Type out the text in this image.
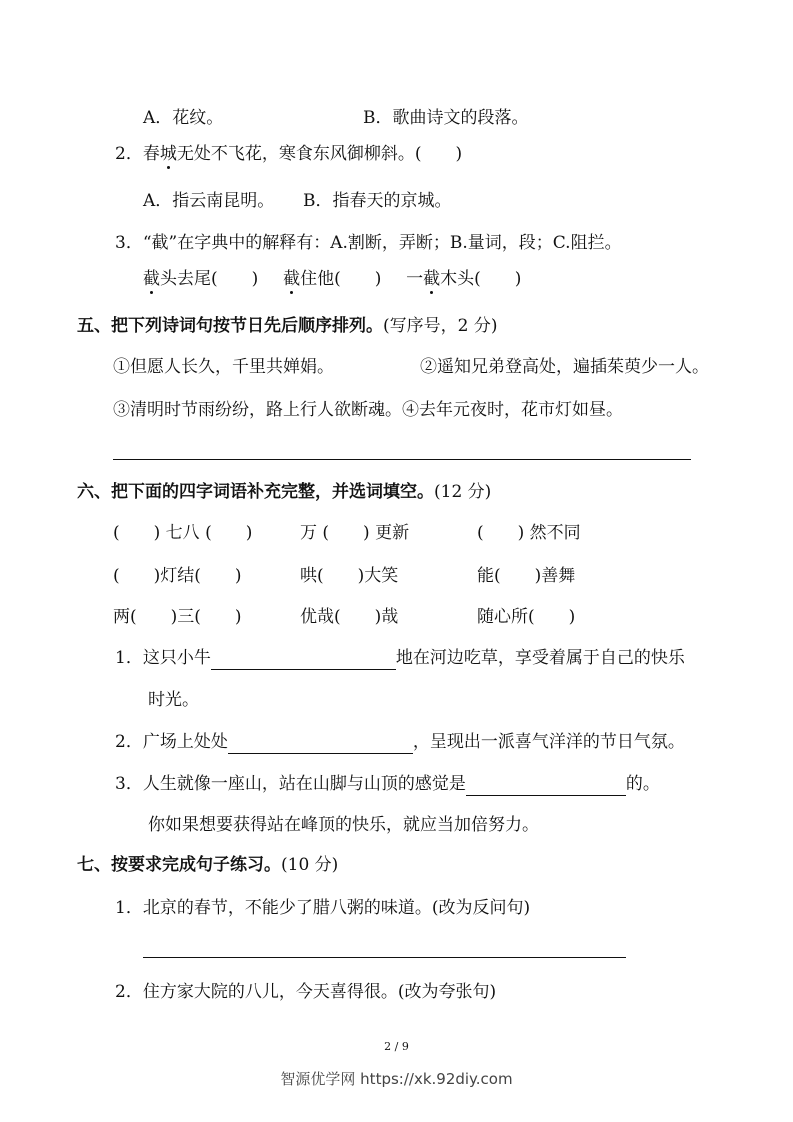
A．花纹。	B．歌曲诗文的段落。
2．春城无处不飞花，寒食东风御柳斜。(　　)
A．指云南昆明。 B．指春天的京城。
3．“截”在字典中的解释有：A.割断，弄断；B.量词，段；C.阻拦。
截头去尾(　　) 截住他(　　) 一截木头(　　)
五、把下列诗词句按节日先后顺序排列。(写序号，2 分)
①但愿人长久，千里共婵娟。	②遥知兄弟登高处，遍插茱萸少一人。
③清明时节雨纷纷，路上行人欲断魂。④去年元夜时，花市灯如昼。
六、把下面的四字词语补充完整，并选词填空。(12 分)
(　　) 七八 (　　)	万 (　　) 更新	(　　) 然不同
(　　)灯结(　　)	哄(　　)大笑	能(　　)善舞
两(　　)三(　　)	优哉(　　)哉	随心所(　　)
1．这只小牛	地在河边吃草，享受着属于自己的快乐
时光。
2．广场上处处	，呈现出一派喜气洋洋的节日气氛。
3．人生就像一座山，站在山脚与山顶的感觉是	的。
你如果想要获得站在峰顶的快乐，就应当加倍努力。
七、按要求完成句子练习。(10 分)
1．北京的春节，不能少了腊八粥的味道。(改为反问句)
2．住方家大院的八儿，今天喜得很。(改为夸张句)
2 / 9
智源优学网 https://xk.92diy.com
